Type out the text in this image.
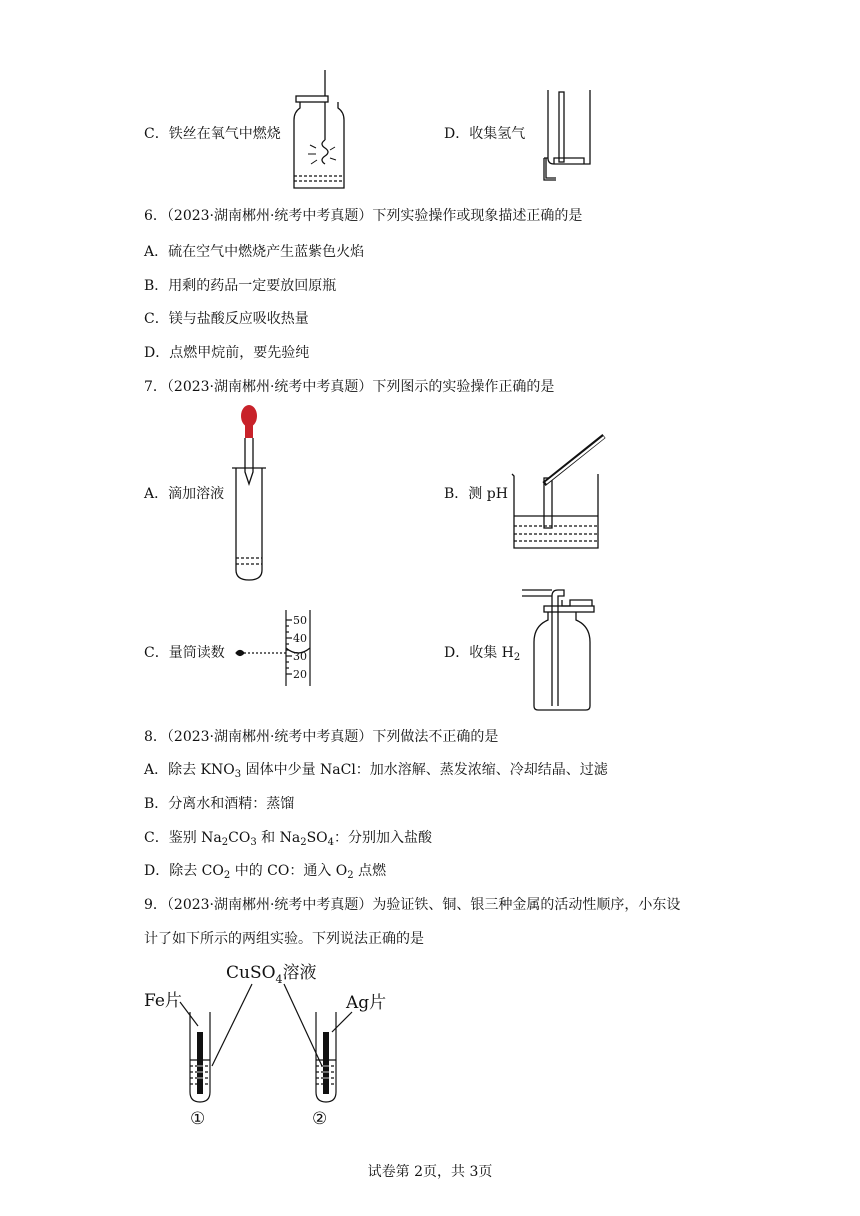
C．铁丝在氧气中燃烧	D．收集氢气
6．（2023·湖南郴州·统考中考真题）下列实验操作或现象描述正确的是
A．硫在空气中燃烧产生蓝紫色火焰
B．用剩的药品一定要放回原瓶
C．镁与盐酸反应吸收热量
D．点燃甲烷前，要先验纯
7．（2023·湖南郴州·统考中考真题）下列图示的实验操作正确的是
A．滴加溶液	B．测 pH
C．量筒读数
50
40
30
20
D．收集 $H_2$
8．（2023·湖南郴州·统考中考真题）下列做法不正确的是
A．除去 $KNO_3$ 固体中少量 NaCl：加水溶解、蒸发浓缩、冷却结晶、过滤
B．分离水和酒精：蒸馏
C．鉴别 $Na_2CO_3$ 和 $Na_2SO_4$：分别加入盐酸
D．除去 $CO_2$ 中的 CO：通入 $O_2$ 点燃
9．（2023·湖南郴州·统考中考真题）为验证铁、铜、银三种金属的活动性顺序，小东设
计了如下所示的两组实验。下列说法正确的是
Fe片
CuSO$_4$溶液
Ag片
①	②
试卷第 2页，共 3页
